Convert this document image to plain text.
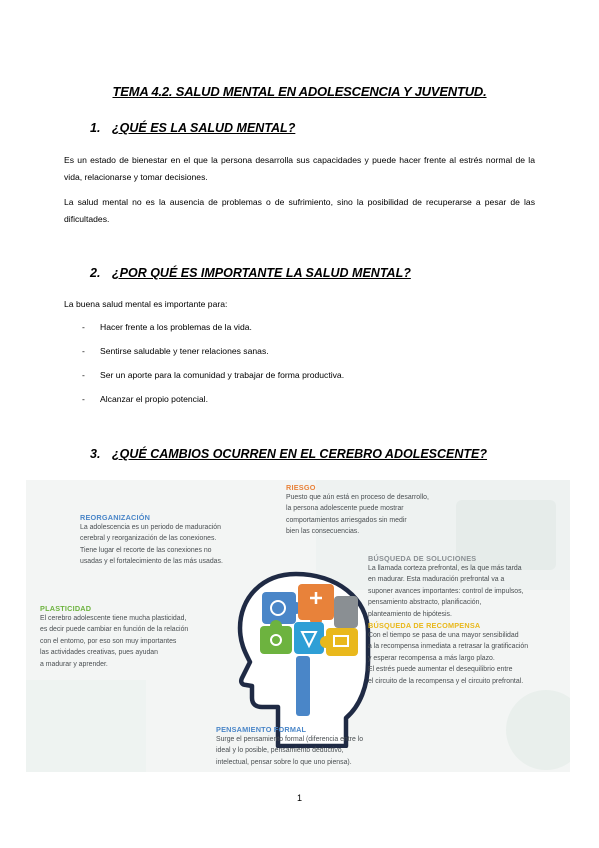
TEMA 4.2. SALUD MENTAL EN ADOLESCENCIA Y JUVENTUD.
1. ¿QUÉ ES LA SALUD MENTAL?
Es un estado de bienestar en el que la persona desarrolla sus capacidades y puede hacer frente al estrés normal de la vida, relacionarse y tomar decisiones.
La salud mental no es la ausencia de problemas o de sufrimiento, sino la posibilidad de recuperarse a pesar de las dificultades.
2. ¿POR QUÉ ES IMPORTANTE LA SALUD MENTAL?
La buena salud mental es importante para:
- Hacer frente a los problemas de la vida.
- Sentirse saludable y tener relaciones sanas.
- Ser un aporte para la comunidad y trabajar de forma productiva.
- Alcanzar el propio potencial.
3. ¿QUÉ CAMBIOS OCURREN EN EL CEREBRO ADOLESCENTE?
RIESGO
Puesto que aún está en proceso de desarrollo,
la persona adolescente puede mostrar
comportamientos arriesgados sin medir
bien las consecuencias.
REORGANIZACIÓN
La adolescencia es un periodo de maduración
cerebral y reorganización de las conexiones.
Tiene lugar el recorte de las conexiones no
usadas y el fortalecimiento de las más usadas.	BÚSQUEDA DE SOLUCIONES
La llamada corteza prefrontal, es la que más tarda
en madurar. Esta maduración prefrontal va a
suponer avances importantes: control de impulsos,
pensamiento abstracto, planificación,
planteamiento de hipótesis.
PLASTICIDAD
El cerebro adolescente tiene mucha plasticidad,
es decir puede cambiar en función de la relación
con el entorno, por eso son muy importantes
las actividades creativas, pues ayudan
a madurar y aprender.
BÚSQUEDA DE RECOMPENSA
Con el tiempo se pasa de una mayor sensibilidad
a la recompensa inmediata a retrasar la gratificación
y esperar recompensa a más largo plazo.
El estrés puede aumentar el desequilibrio entre
el circuito de la recompensa y el circuito prefrontal.
PENSAMIENTO FORMAL
Surge el pensamiento formal (diferencia entre lo
ideal y lo posible, pensamiento deductivo,
intelectual, pensar sobre lo que uno piensa).
1
